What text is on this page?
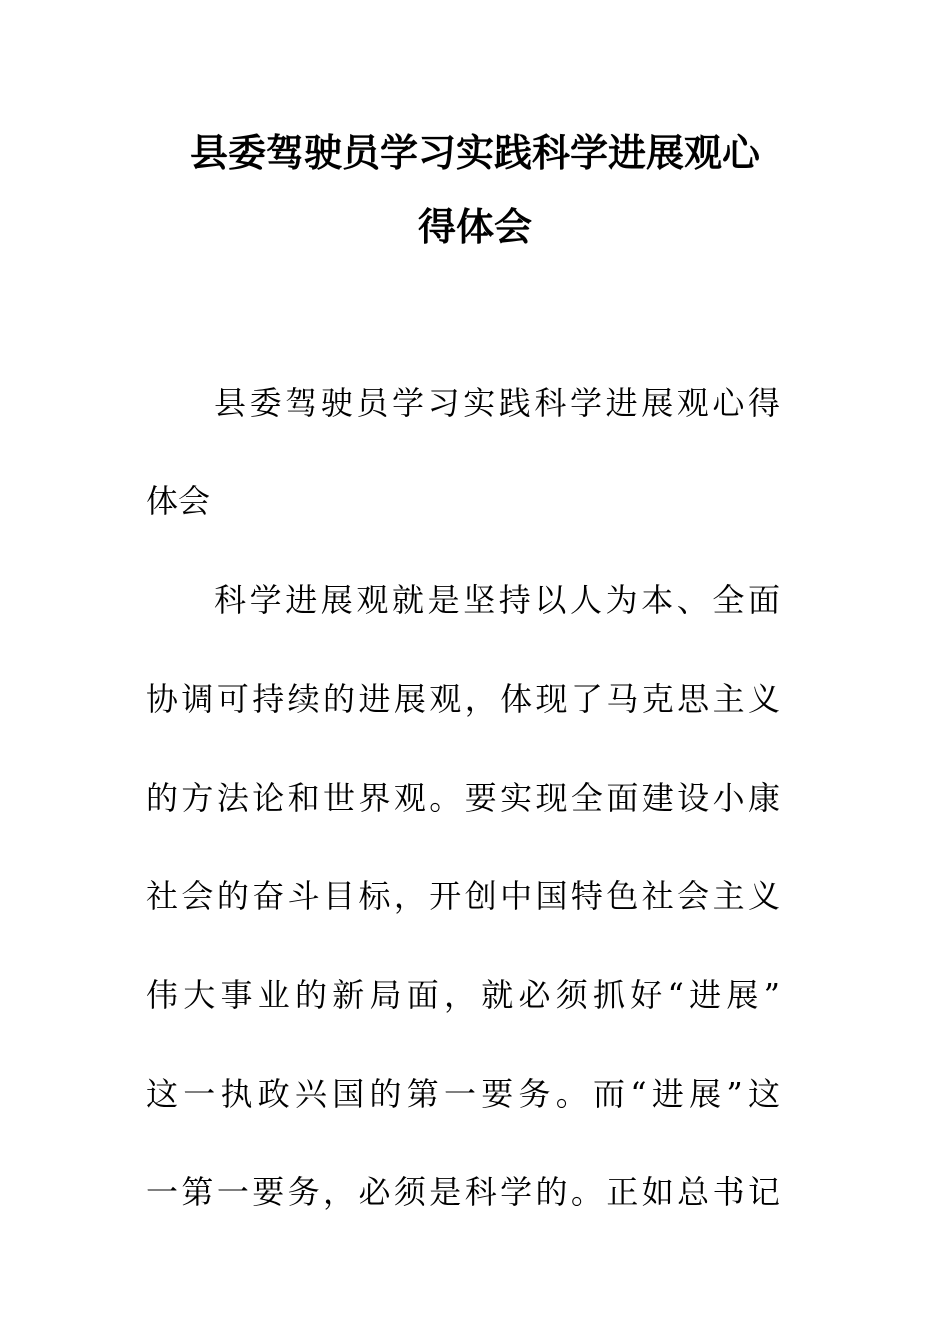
县委驾驶员学习实践科学进展观心
得体会
县委驾驶员学习实践科学进展观心得
体会
科学进展观就是坚持以人为本、全面
协调可持续的进展观，体现了马克思主义
的方法论和世界观。要实现全面建设小康
社会的奋斗目标，开创中国特色社会主义
伟大事业的新局面，就必须抓好“进展”
这一执政兴国的第一要务。而“进展”这
一第一要务，必须是科学的。正如总书记
